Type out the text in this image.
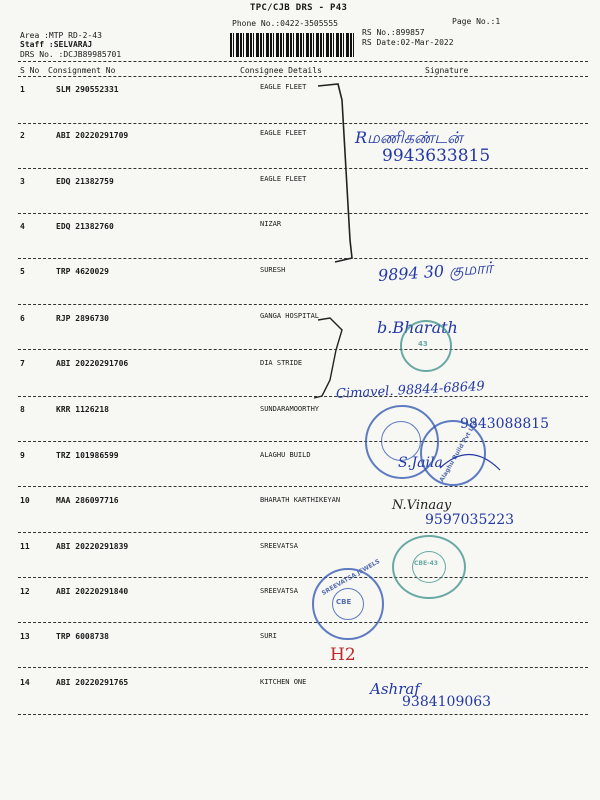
TPC/CJB DRS - P43
Phone No.:0422-3505555	Page No.:1
Area :MTP RD-2-43
Staff :SELVARAJ
DRS No. :DCJB89985701
RS No.:899857
RS Date:02-Mar-2022
S No Consignment No	Consignee Details	Signature
1	SLM 290552331	EAGLE FLEET
2	ABI 20220291709	EAGLE FLEET
3	EDQ 21382759	EAGLE FLEET
4	EDQ 21382760	NIZAR
5	TRP 4620029	SURESH
6	RJP 2896730	GANGA HOSPITAL
7	ABI 20220291706	DIA STRIDE
8	KRR 1126218	SUNDARAMOORTHY
9	TRZ 101986599	ALAGHU BUILD
10	MAA 286097716	BHARATH KARTHIKEYAN
11	ABI 20220291839	SREEVATSA
12	ABI 20220291840	SREEVATSA
13	TRP 6008738	SURI
14	ABI 20220291765	KITCHEN ONE
Rமணிகண்டன்
9943633815
9894 30 குமார்
b.Bharath
Cimavel. 98844-68649
9843088815
S.Jaila
N.Vinaay
9597035223
H2
Ashraf
9384109063
43
Alaghu Build Pvt Ltd
CBE-43
CBE
SREEVATSA JEWELS
